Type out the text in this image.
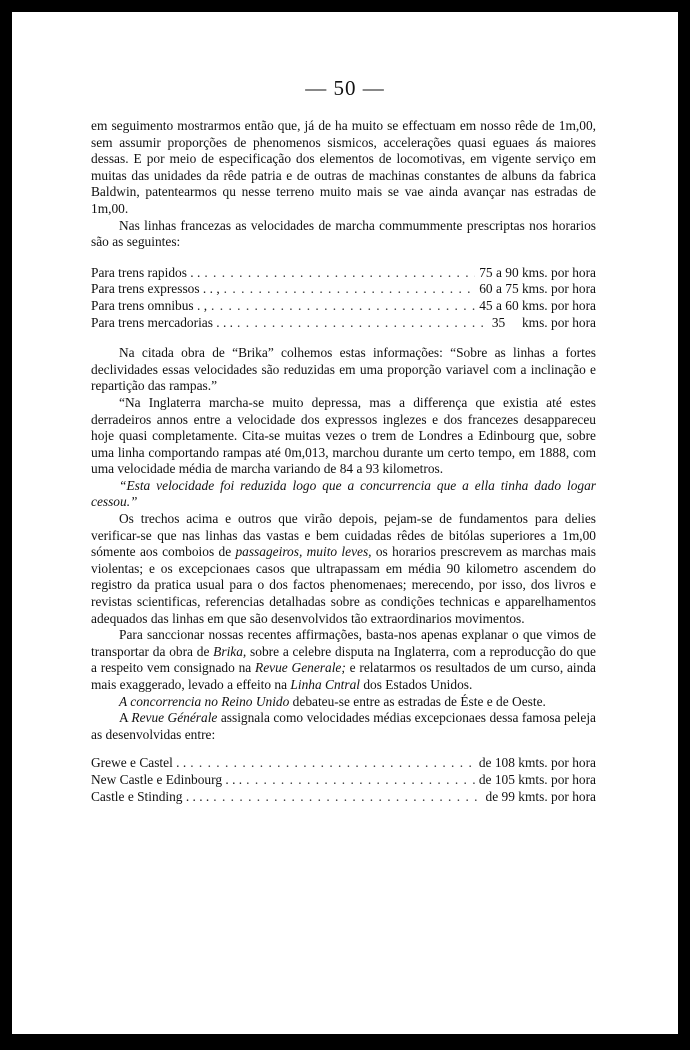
— 50 —

em seguimento mostrarmos então que, já de ha muito se effectuam em nosso rêde de 1m,00, sem assumir proporções de phenomenos sismicos, accelerações quasi eguaes ás maiores dessas. E por meio de especificação dos elementos de locomotivas, em vigente serviço em muitas das unidades da rêde patria e de outras de machinas constantes de albuns da fabrica Baldwin, patentearmos qu nesse terreno muito mais se vae ainda avançar nas estradas de 1m,00.

Nas linhas francezas as velocidades de marcha commummente prescriptas nos horarios são as seguintes:

Para trens rapidos . . . . .	75 a 90 kms. por hora
Para trens expressos . . , . . .	60 a 75 kms. por hora
Para trens omnibus . , . . .	45 a 60 kms. por hora
Para trens mercadorias . . . . . .	35     kms. por hora

Na citada obra de “Brika” colhemos estas informações: “Sobre as linhas a fortes declividades essas velocidades são reduzidas em uma proporção variavel com a inclinação e repartição das rampas.”

“Na Inglaterra marcha-se muito depressa, mas a differença que existia até estes derradeiros annos entre a velocidade dos expressos inglezes e dos francezes desappareceu hoje quasi completamente. Cita-se muitas vezes o trem de Londres a Edinbourg que, sobre uma linha comportando rampas até 0m,013, marchou durante um certo tempo, em 1888, com uma velocidade média de marcha variando de 84 a 93 kilometros.

“Esta velocidade foi reduzida logo que a concurrencia que a ella tinha dado logar cessou.”

Os trechos acima e outros que virão depois, pejam-se de fundamentos para delies verificar-se que nas linhas das vastas e bem cuidadas rêdes de bitólas superiores a 1m,00 sómente aos comboios de passageiros, muito leves, os horarios prescrevem as marchas mais violentas; e os excepcionaes casos que ultrapassam em média 90 kilometro ascendem do registro da pratica usual para o dos factos phenomenaes; merecendo, por isso, dos livros e revistas scientificas, referencias detalhadas sobre as condições technicas e apparelhamentos adequados das linhas em que são desenvolvidos tão extraordinarios movimentos.

Para sanccionar nossas recentes affirmações, basta-nos apenas explanar o que vimos de transportar da obra de Brika, sobre a celebre disputa na Inglaterra, com a reproducção do que a respeito vem consignado na Revue Generale; e relatarmos os resultados de um curso, ainda mais exaggerado, levado a effeito na Linha Cntral dos Estados Unidos.

A concorrencia no Reino Unido debateu-se entre as estradas de Éste e de Oeste.

A Revue Générale assignala como velocidades médias excepcionaes dessa famosa peleja as desenvolvidas entre:

Grewe e Castel . . . . .	de 108 kmts. por hora
New Castle e Edinbourg . . . . . .	de 105 kmts. por hora
Castle e Stinding . . . . . . .	de 99 kmts. por hora
